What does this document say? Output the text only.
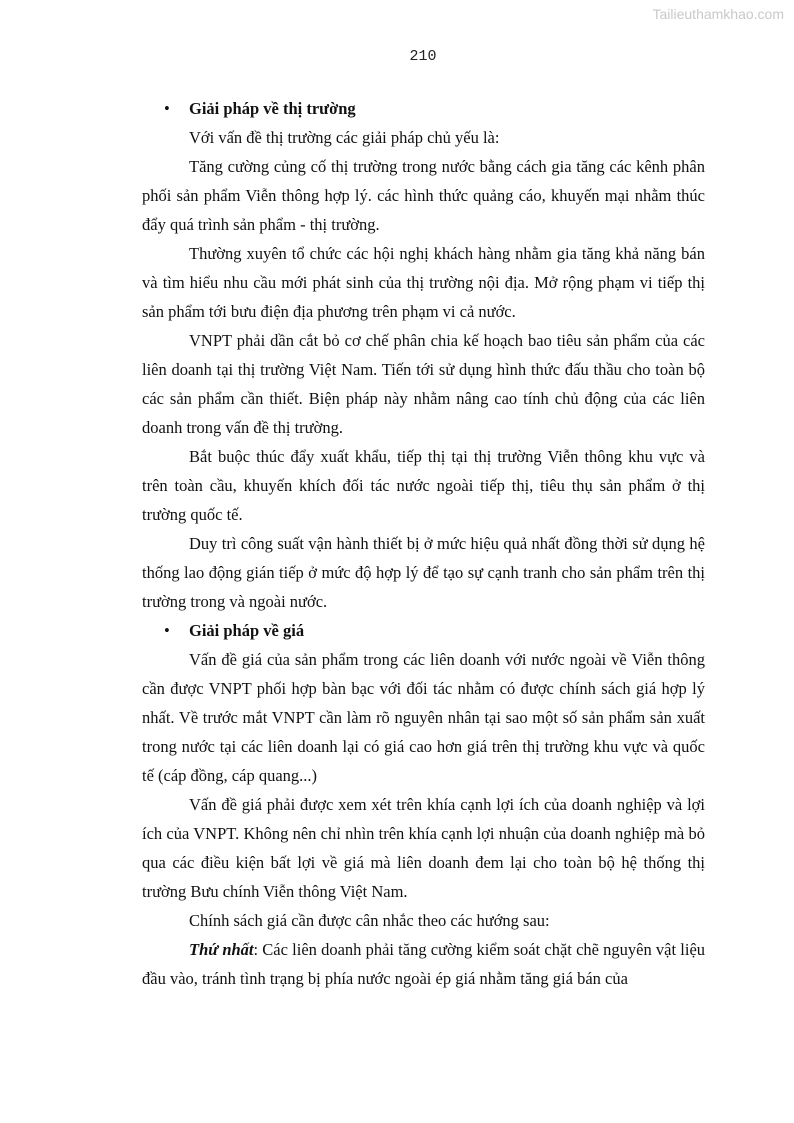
Tailieuthamkhao.com
210
• Giải pháp về thị trường

Với vấn đề thị trường các giải pháp chủ yếu là:

Tăng cường củng cố thị trường trong nước bằng cách gia tăng các kênh phân phối sản phẩm Viễn thông hợp lý. các hình thức quảng cáo, khuyến mại nhằm thúc đẩy quá trình sản phẩm - thị trường.

Thường xuyên tổ chức các hội nghị khách hàng nhằm gia tăng khả năng bán và tìm hiểu nhu cầu mới phát sinh của thị trường nội địa. Mở rộng phạm vi tiếp thị sản phẩm tới bưu điện địa phương trên phạm vi cả nước.

VNPT phải dần cắt bỏ cơ chế phân chia kế hoạch bao tiêu sản phẩm của các liên doanh tại thị trường Việt Nam. Tiến tới sử dụng hình thức đấu thầu cho toàn bộ các sản phẩm cần thiết. Biện pháp này nhằm nâng cao tính chủ động của các liên doanh trong vấn đề thị trường.

Bắt buộc thúc đẩy xuất khẩu, tiếp thị tại thị trường Viễn thông khu vực và trên toàn cầu, khuyến khích đối tác nước ngoài tiếp thị, tiêu thụ sản phẩm ở thị trường quốc tế.

Duy trì công suất vận hành thiết bị ở mức hiệu quả nhất đồng thời sử dụng hệ thống lao động gián tiếp ở mức độ hợp lý để tạo sự cạnh tranh cho sản phẩm trên thị trường trong và ngoài nước.

• Giải pháp về giá

Vấn đề giá của sản phẩm trong các liên doanh với nước ngoài về Viễn thông cần được VNPT phối hợp bàn bạc với đối tác nhằm có được chính sách giá hợp lý nhất. Về trước mắt VNPT cần làm rõ nguyên nhân tại sao một số sản phẩm sản xuất trong nước tại các liên doanh lại có giá cao hơn giá trên thị trường khu vực và quốc tế (cáp đồng, cáp quang...)

Vấn đề giá phải được xem xét trên khía cạnh lợi ích của doanh nghiệp và lợi ích của VNPT. Không nên chỉ nhìn trên khía cạnh lợi nhuận của doanh nghiệp mà bỏ qua các điều kiện bất lợi về giá mà liên doanh đem lại cho toàn bộ hệ thống thị trường Bưu chính Viễn thông Việt Nam.

Chính sách giá cần được cân nhắc theo các hướng sau:

Thứ nhất: Các liên doanh phải tăng cường kiểm soát chặt chẽ nguyên vật liệu đầu vào, tránh tình trạng bị phía nước ngoài ép giá nhằm tăng giá bán của
